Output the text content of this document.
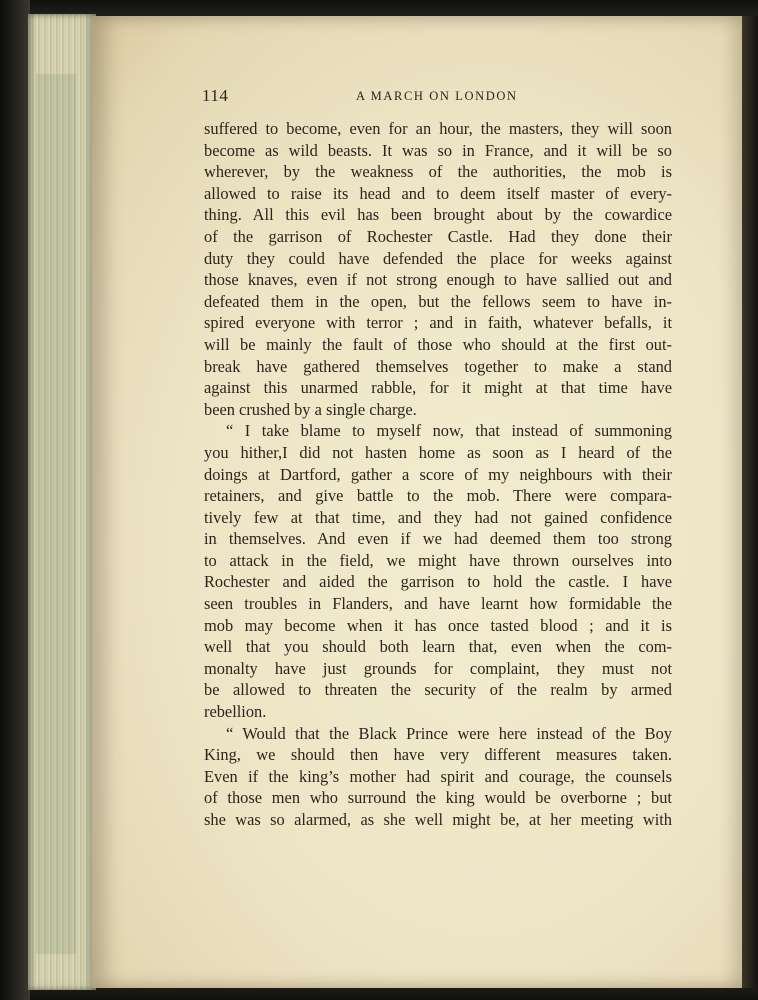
114	A MARCH ON LONDON
suffered to become, even for an hour, the masters, they will soon
become as wild beasts. It was so in France, and it will be so
wherever, by the weakness of the authorities, the mob is
allowed to raise its head and to deem itself master of every-
thing. All this evil has been brought about by the cowardice
of the garrison of Rochester Castle. Had they done their
duty they could have defended the place for weeks against
those knaves, even if not strong enough to have sallied out and
defeated them in the open, but the fellows seem to have in-
spired everyone with terror ; and in faith, whatever befalls, it
will be mainly the fault of those who should at the first out-
break have gathered themselves together to make a stand
against this unarmed rabble, for it might at that time have
been crushed by a single charge.
“ I take blame to myself now, that instead of summoning
you hither,I did not hasten home as soon as I heard of the
doings at Dartford, gather a score of my neighbours with their
retainers, and give battle to the mob. There were compara-
tively few at that time, and they had not gained confidence
in themselves. And even if we had deemed them too strong
to attack in the field, we might have thrown ourselves into
Rochester and aided the garrison to hold the castle. I have
seen troubles in Flanders, and have learnt how formidable the
mob may become when it has once tasted blood ; and it is
well that you should both learn that, even when the com-
monalty have just grounds for complaint, they must not
be allowed to threaten the security of the realm by armed
rebellion.
“ Would that the Black Prince were here instead of the Boy
King, we should then have very different measures taken.
Even if the king’s mother had spirit and courage, the counsels
of those men who surround the king would be overborne ; but
she was so alarmed, as she well might be, at her meeting with
